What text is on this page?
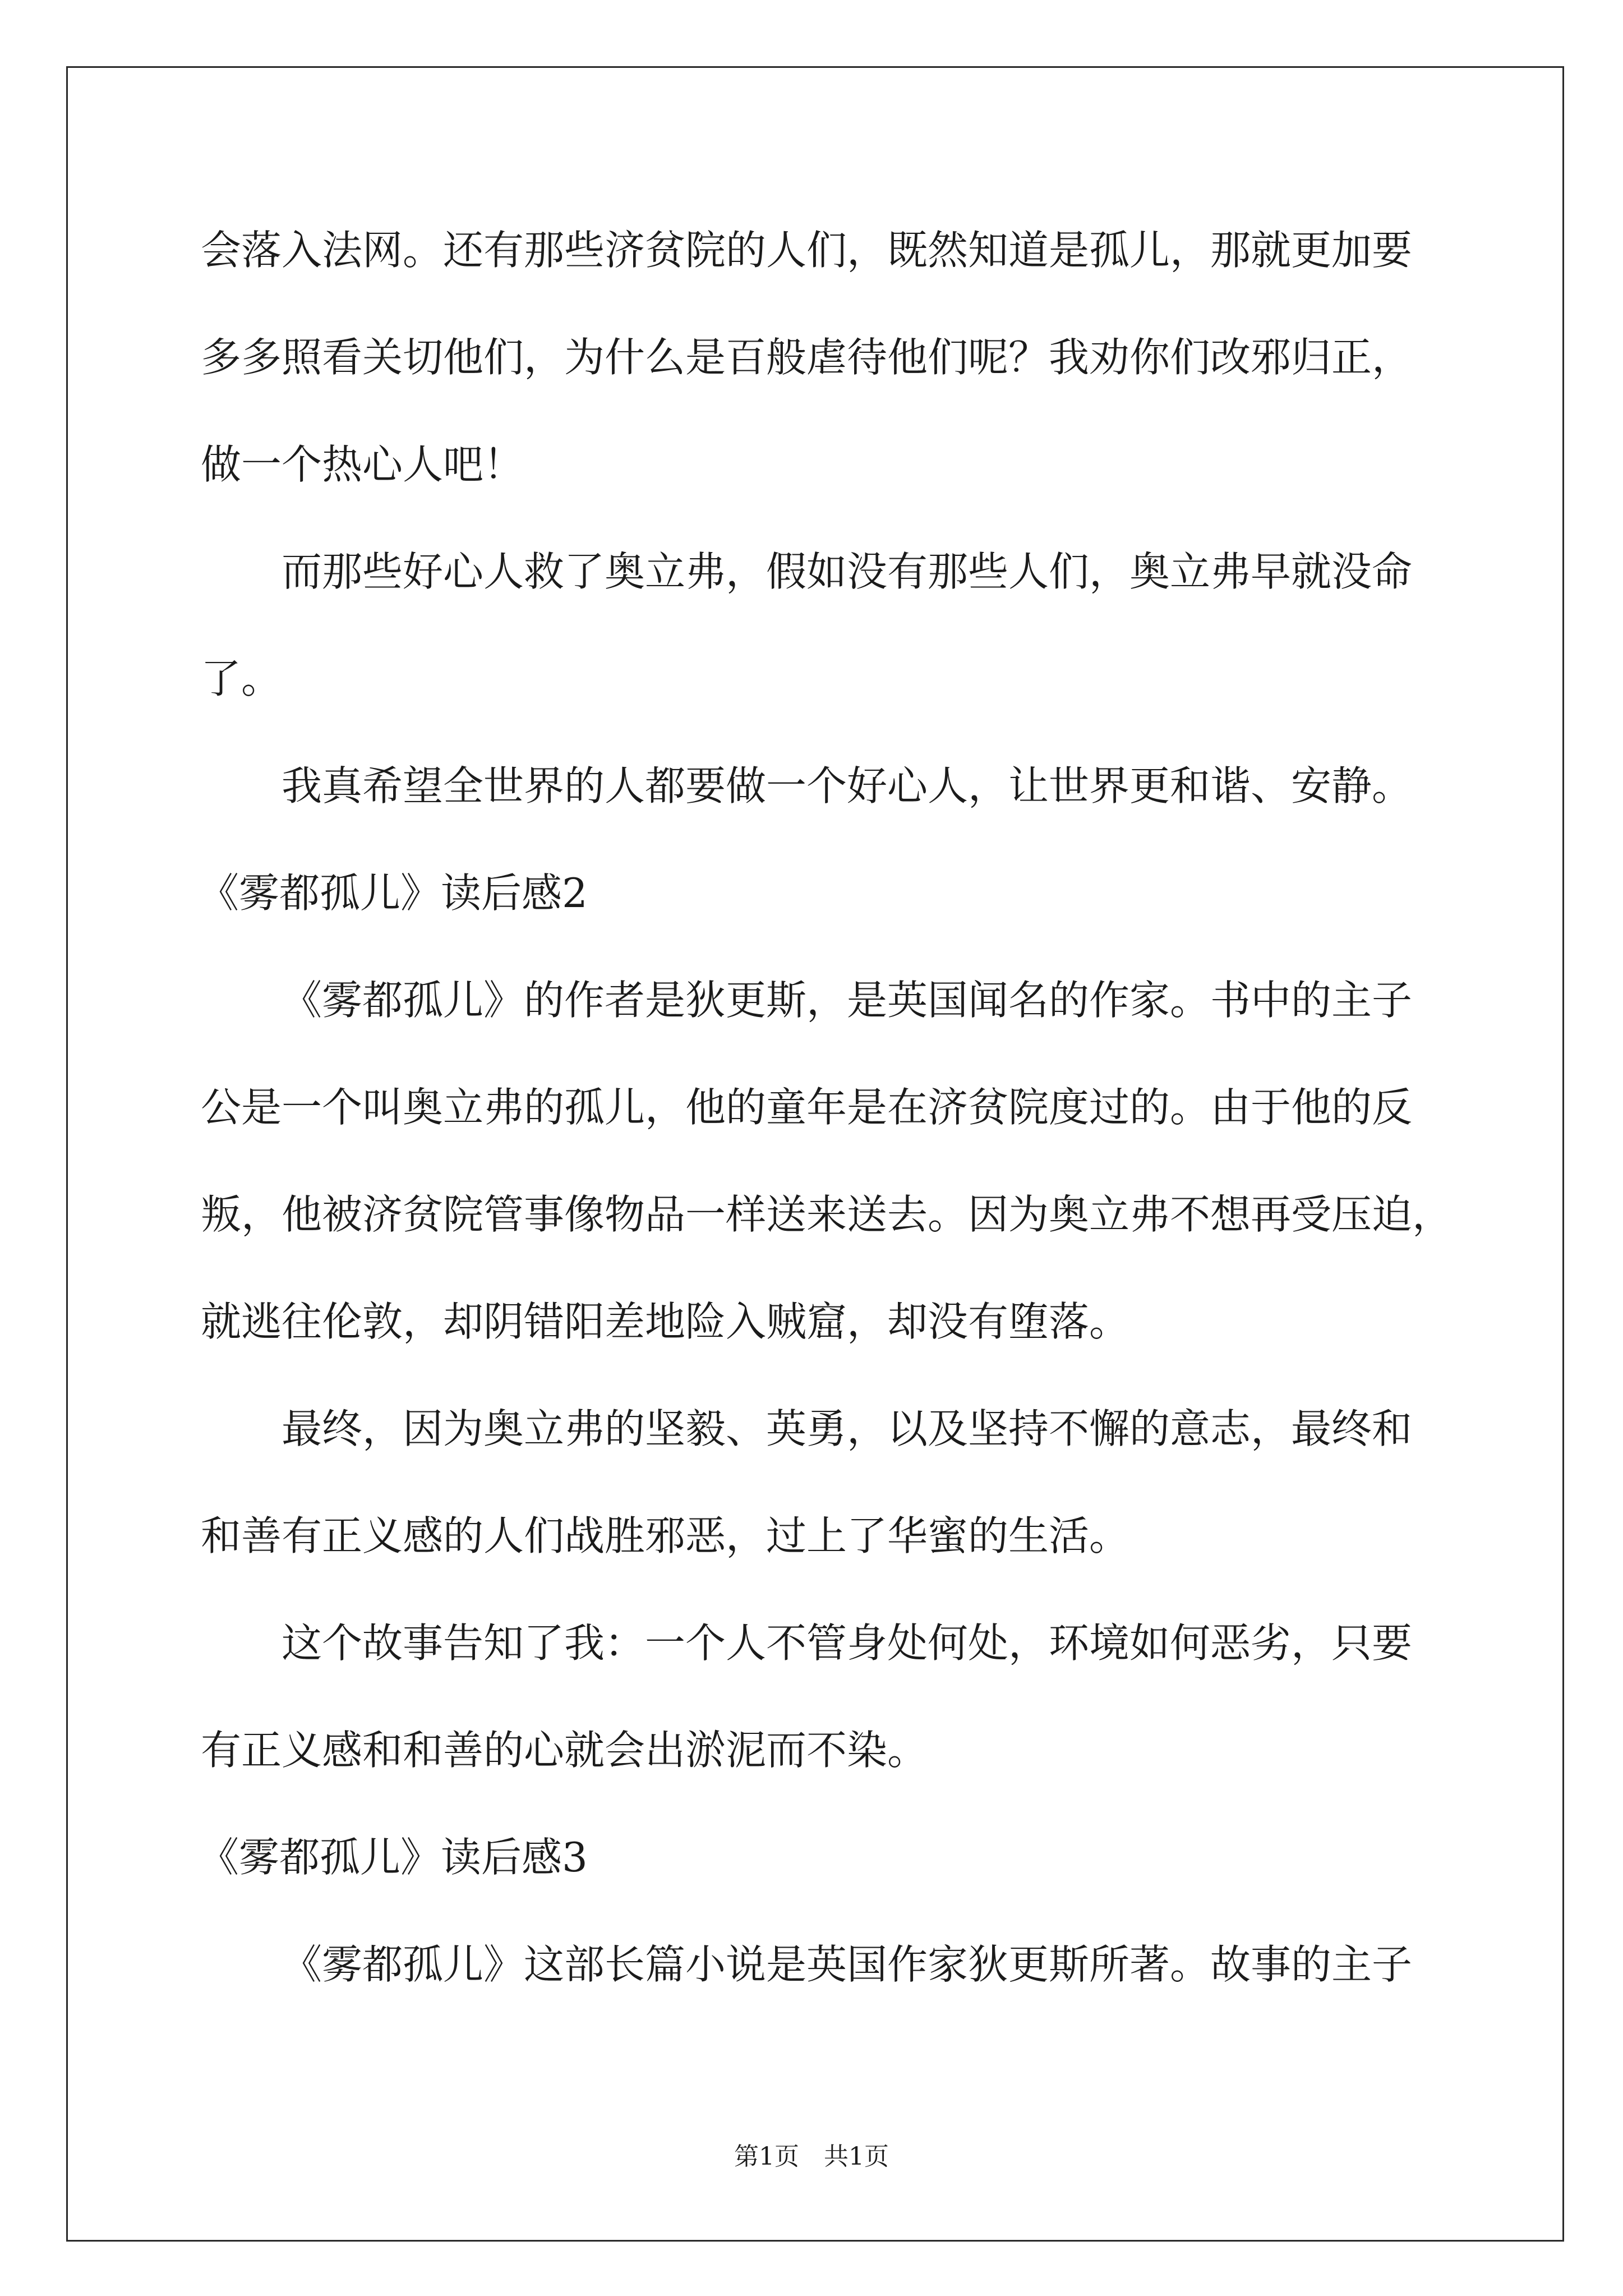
会落入法网。还有那些济贫院的人们，既然知道是孤儿，那就更加要
多多照看关切他们，为什么是百般虐待他们呢？我劝你们改邪归正，
做一个热心人吧！
而那些好心人救了奥立弗，假如没有那些人们，奥立弗早就没命
了。
我真希望全世界的人都要做一个好心人，让世界更和谐、安静。
《雾都孤儿》读后感2
《雾都孤儿》的作者是狄更斯，是英国闻名的作家。书中的主子
公是一个叫奥立弗的孤儿，他的童年是在济贫院度过的。由于他的反
叛，他被济贫院管事像物品一样送来送去。因为奥立弗不想再受压迫，
就逃往伦敦，却阴错阳差地险入贼窟，却没有堕落。
最终，因为奥立弗的坚毅、英勇，以及坚持不懈的意志，最终和
和善有正义感的人们战胜邪恶，过上了华蜜的生活。
这个故事告知了我：一个人不管身处何处，环境如何恶劣，只要
有正义感和和善的心就会出淤泥而不染。
《雾都孤儿》读后感3
《雾都孤儿》这部长篇小说是英国作家狄更斯所著。故事的主子
第1页 共1页
